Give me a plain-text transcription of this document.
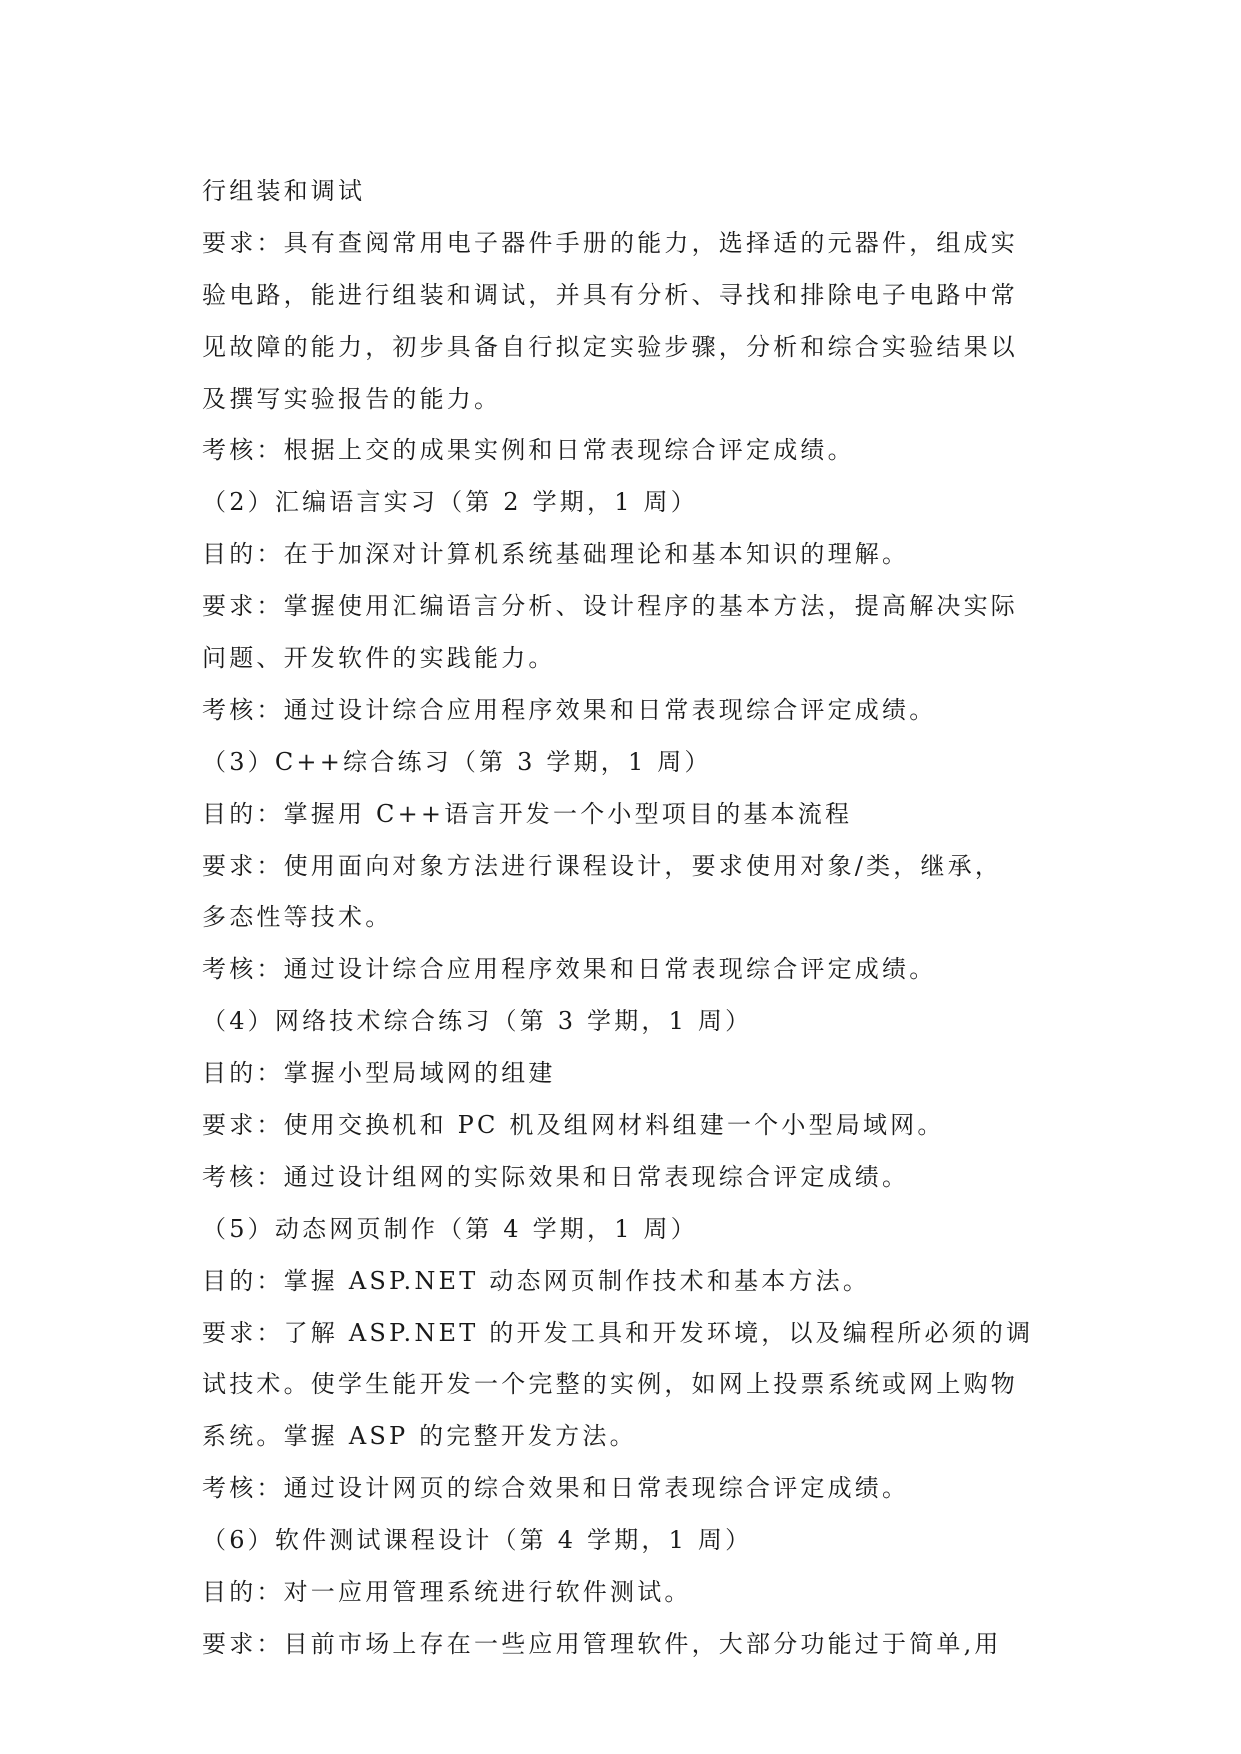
行组装和调试
要求：具有查阅常用电子器件手册的能力，选择适的元器件，组成实
验电路，能进行组装和调试，并具有分析、寻找和排除电子电路中常
见故障的能力，初步具备自行拟定实验步骤，分析和综合实验结果以
及撰写实验报告的能力。
考核：根据上交的成果实例和日常表现综合评定成绩。
（2）汇编语言实习（第 2 学期，1 周）
目的：在于加深对计算机系统基础理论和基本知识的理解。
要求：掌握使用汇编语言分析、设计程序的基本方法，提高解决实际
问题、开发软件的实践能力。
考核：通过设计综合应用程序效果和日常表现综合评定成绩。
（3）C++综合练习（第 3 学期，1 周）
目的：掌握用 C++语言开发一个小型项目的基本流程
要求：使用面向对象方法进行课程设计，要求使用对象/类，继承，
多态性等技术。
考核：通过设计综合应用程序效果和日常表现综合评定成绩。
（4）网络技术综合练习（第 3 学期，1 周）
目的：掌握小型局域网的组建
要求：使用交换机和 PC 机及组网材料组建一个小型局域网。
考核：通过设计组网的实际效果和日常表现综合评定成绩。
（5）动态网页制作（第 4 学期，1 周）
目的：掌握 ASP.NET 动态网页制作技术和基本方法。
要求：了解 ASP.NET 的开发工具和开发环境，以及编程所必须的调
试技术。使学生能开发一个完整的实例，如网上投票系统或网上购物
系统。掌握 ASP 的完整开发方法。
考核：通过设计网页的综合效果和日常表现综合评定成绩。
（6）软件测试课程设计（第 4 学期，1 周）
目的：对一应用管理系统进行软件测试。
要求：目前市场上存在一些应用管理软件，大部分功能过于简单,用
